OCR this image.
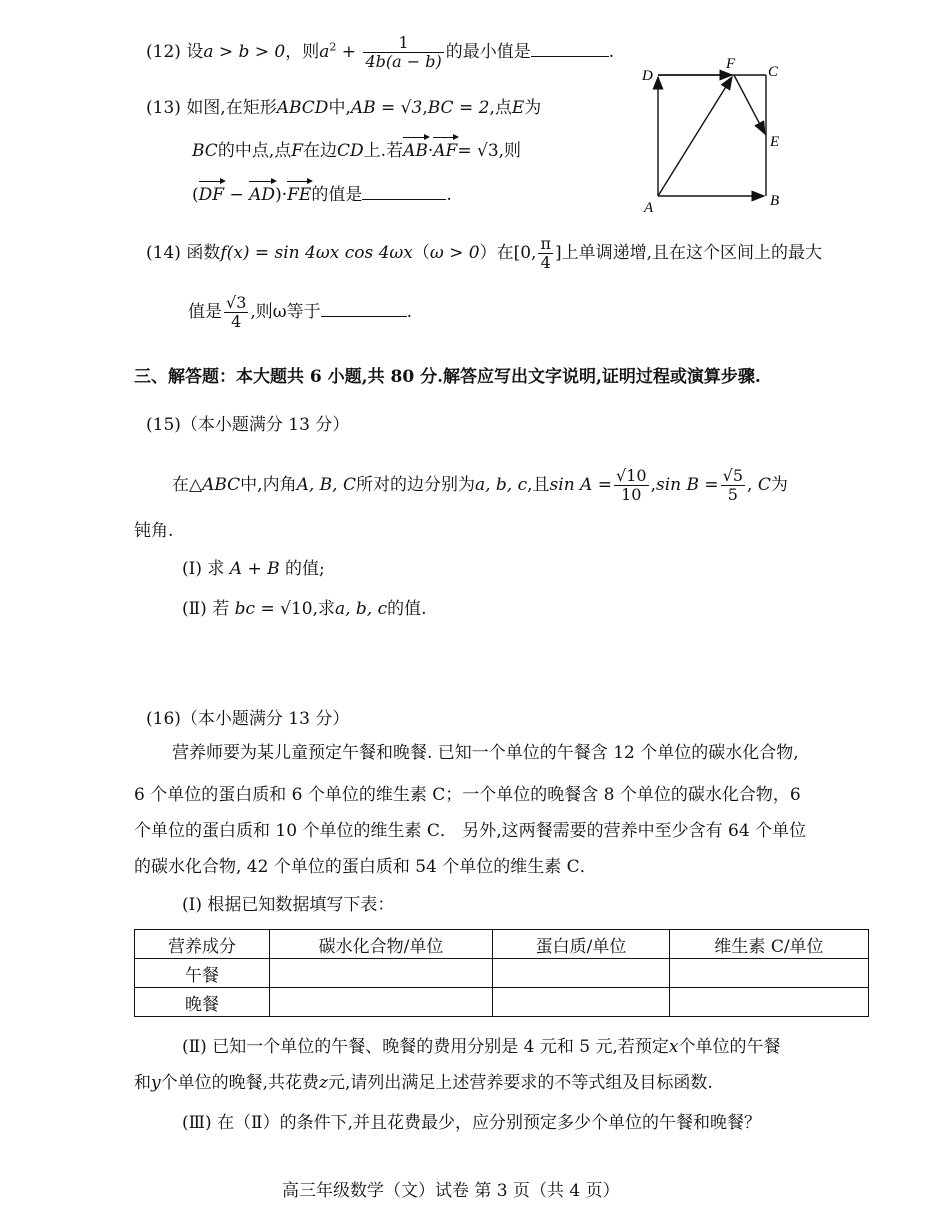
(12) 设a > b > 0，则$a^2 + \frac{1}{4b(a - b)}$ 的最小值是	.
(13) 如图,在矩形ABCD中,AB = √3,BC = 2,点E为
BC的中点,点F在边CD上.若AB·AF= √3,则
(DF − AD)·FE的值是	.
D
F C
E
B
A
(14) 函数f(x) = sin 4ωx cos 4ωx（ω > 0）在[0, $\frac{\pi}{4}$ ]上单调递增,且在这个区间上的最大
值是 $\frac{√3}{4}$ ,则ω等于	.
三、解答题：本大题共 6 小题,共 80 分.解答应写出文字说明,证明过程或演算步骤.
(15)（本小题满分 13 分）
在△ABC中,内角A, B, C所对的边分别为a, b, c,且$\sin A = \frac{√10}{10} ,\sin$ $B = \frac{√5}{5}$ , C为
钝角.
(Ⅰ) 求 A + B 的值;
(Ⅱ) 若 bc = √10,求a, b, c的值.
(16)（本小题满分 13 分）
营养师要为某儿童预定午餐和晚餐. 已知一个单位的午餐含 12 个单位的碳水化合物,
6 个单位的蛋白质和 6 个单位的维生素 C；一个单位的晚餐含 8 个单位的碳水化合物，6
个单位的蛋白质和 10 个单位的维生素 C． 另外,这两餐需要的营养中至少含有 64 个单位
的碳水化合物, 42 个单位的蛋白质和 54 个单位的维生素 C．
(Ⅰ) 根据已知数据填写下表：
营养成分	碳水化合物/单位	蛋白质/单位	维生素 C/单位
午餐			
晚餐			
(Ⅱ) 已知一个单位的午餐、晚餐的费用分别是 4 元和 5 元,若预定x个单位的午餐
和y个单位的晚餐,共花费z元,请列出满足上述营养要求的不等式组及目标函数.
(Ⅲ) 在（Ⅱ）的条件下,并且花费最少，应分别预定多少个单位的午餐和晚餐？
高三年级数学（文）试卷 第 3 页（共 4 页）
